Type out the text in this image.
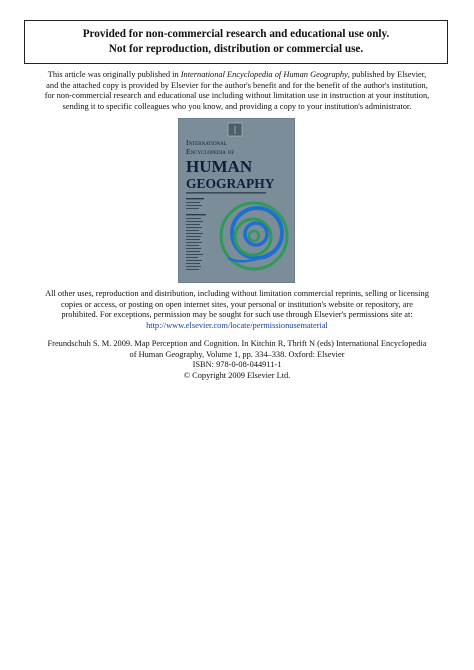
Provided for non-commercial research and educational use only.
Not for reproduction, distribution or commercial use.
This article was originally published in International Encyclopedia of Human Geography, published by Elsevier,
and the attached copy is provided by Elsevier for the author's benefit and for the benefit of the author's institution,
for non-commercial research and educational use including without limitation use in instruction at your institution,
sending it to specific colleagues who you know, and providing a copy to your institution's administrator.
International
Encyclopedia of
HUMAN
GEOGRAPHY
All other uses, reproduction and distribution, including without limitation commercial reprints, selling or licensing
copies or access, or posting on open internet sites, your personal or institution's website or repository, are
prohibited. For exceptions, permission may be sought for such use through Elsevier's permissions site at:
http://www.elsevier.com/locate/permissionusematerial
Freundschuh S. M. 2009. Map Perception and Cognition. In Kitchin R, Thrift N (eds) International Encyclopedia
of Human Geography, Volume 1, pp. 334–338. Oxford: Elsevier
ISBN: 978-0-08-044911-1
© Copyright 2009 Elsevier Ltd.
